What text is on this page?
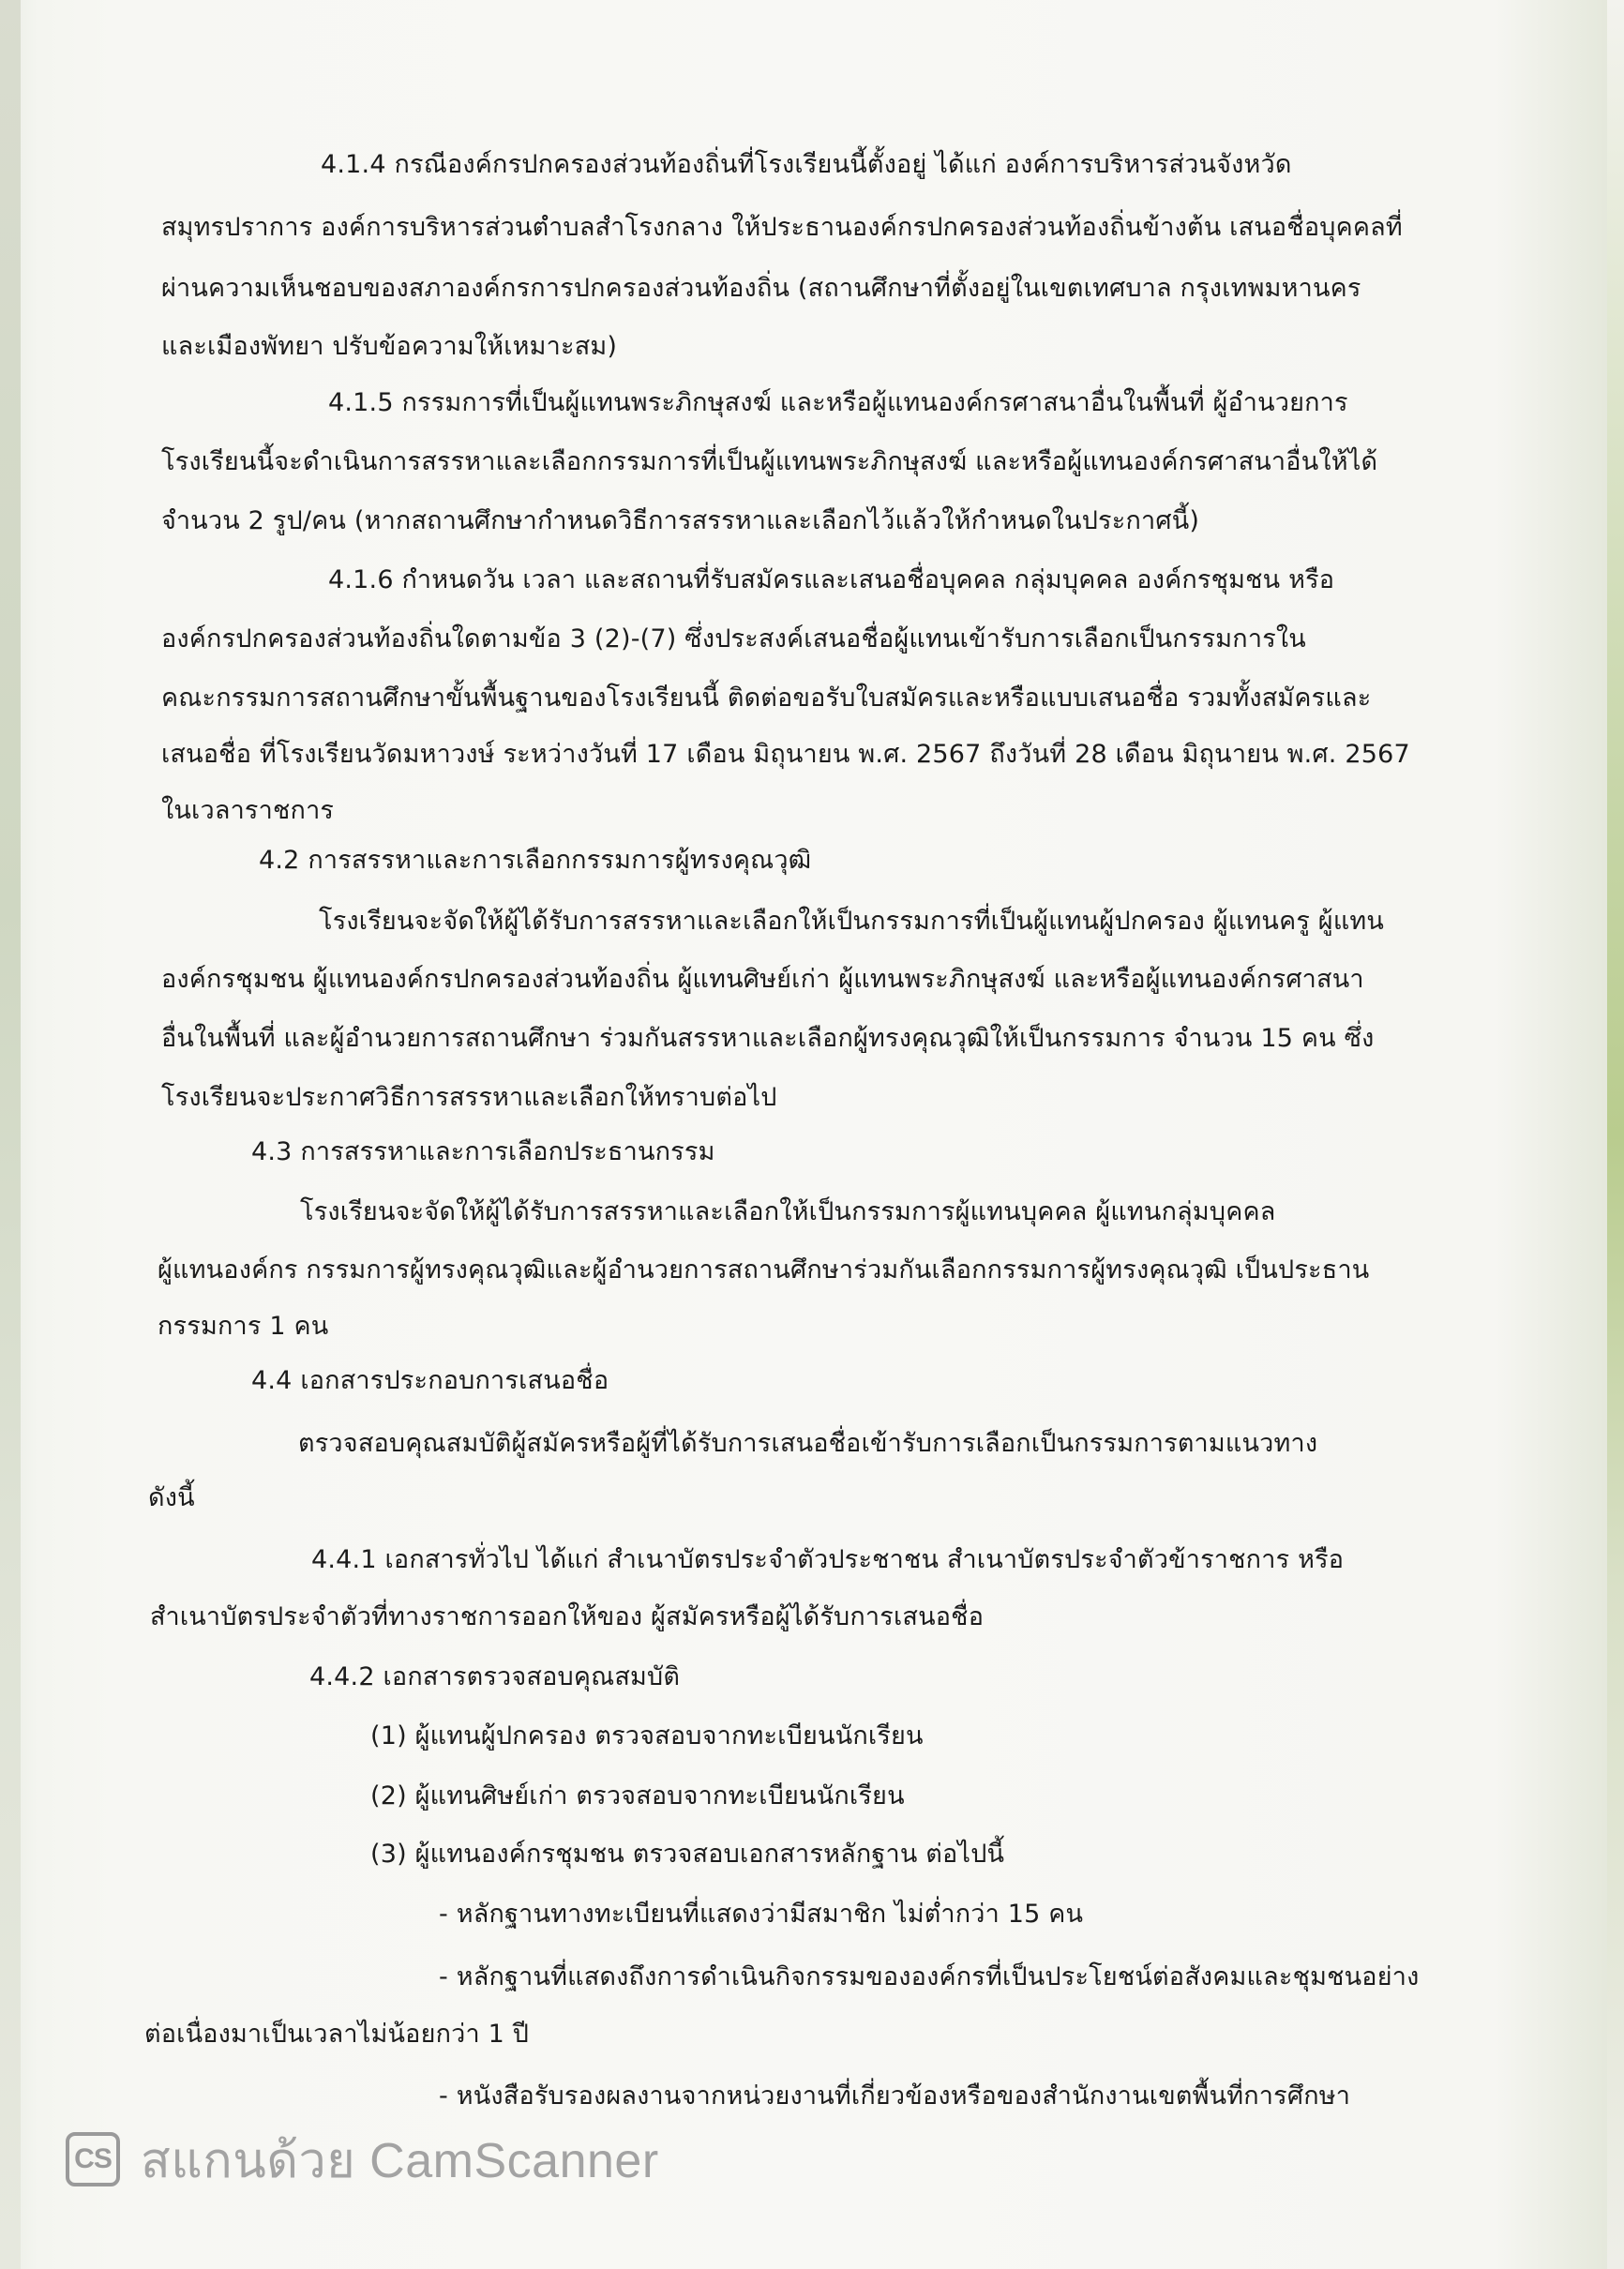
4.1.4 กรณีองค์กรปกครองส่วนท้องถิ่นที่โรงเรียนนี้ตั้งอยู่ ได้แก่ องค์การบริหารส่วนจังหวัด
สมุทรปราการ องค์การบริหารส่วนตำบลสำโรงกลาง ให้ประธานองค์กรปกครองส่วนท้องถิ่นข้างต้น เสนอชื่อบุคคลที่
ผ่านความเห็นชอบของสภาองค์กรการปกครองส่วนท้องถิ่น (สถานศึกษาที่ตั้งอยู่ในเขตเทศบาล กรุงเทพมหานคร
และเมืองพัทยา ปรับข้อความให้เหมาะสม)
4.1.5 กรรมการที่เป็นผู้แทนพระภิกษุสงฆ์ และหรือผู้แทนองค์กรศาสนาอื่นในพื้นที่ ผู้อำนวยการ
โรงเรียนนี้จะดำเนินการสรรหาและเลือกกรรมการที่เป็นผู้แทนพระภิกษุสงฆ์ และหรือผู้แทนองค์กรศาสนาอื่นให้ได้
จำนวน 2 รูป/คน (หากสถานศึกษากำหนดวิธีการสรรหาและเลือกไว้แล้วให้กำหนดในประกาศนี้)
4.1.6 กำหนดวัน เวลา และสถานที่รับสมัครและเสนอชื่อบุคคล กลุ่มบุคคล องค์กรชุมชน หรือ
องค์กรปกครองส่วนท้องถิ่นใดตามข้อ 3 (2)-(7) ซึ่งประสงค์เสนอชื่อผู้แทนเข้ารับการเลือกเป็นกรรมการใน
คณะกรรมการสถานศึกษาขั้นพื้นฐานของโรงเรียนนี้ ติดต่อขอรับใบสมัครและหรือแบบเสนอชื่อ รวมทั้งสมัครและ
เสนอชื่อ ที่โรงเรียนวัดมหาวงษ์ ระหว่างวันที่ 17 เดือน มิถุนายน พ.ศ. 2567 ถึงวันที่ 28 เดือน มิถุนายน พ.ศ. 2567
ในเวลาราชการ
4.2 การสรรหาและการเลือกกรรมการผู้ทรงคุณวุฒิ
โรงเรียนจะจัดให้ผู้ได้รับการสรรหาและเลือกให้เป็นกรรมการที่เป็นผู้แทนผู้ปกครอง ผู้แทนครู ผู้แทน
องค์กรชุมชน ผู้แทนองค์กรปกครองส่วนท้องถิ่น ผู้แทนศิษย์เก่า ผู้แทนพระภิกษุสงฆ์ และหรือผู้แทนองค์กรศาสนา
อื่นในพื้นที่ และผู้อำนวยการสถานศึกษา ร่วมกันสรรหาและเลือกผู้ทรงคุณวุฒิให้เป็นกรรมการ จำนวน 15 คน ซึ่ง
โรงเรียนจะประกาศวิธีการสรรหาและเลือกให้ทราบต่อไป
4.3 การสรรหาและการเลือกประธานกรรม
โรงเรียนจะจัดให้ผู้ได้รับการสรรหาและเลือกให้เป็นกรรมการผู้แทนบุคคล ผู้แทนกลุ่มบุคคล
ผู้แทนองค์กร กรรมการผู้ทรงคุณวุฒิและผู้อำนวยการสถานศึกษาร่วมกันเลือกกรรมการผู้ทรงคุณวุฒิ เป็นประธาน
กรรมการ 1 คน
4.4 เอกสารประกอบการเสนอชื่อ
ตรวจสอบคุณสมบัติผู้สมัครหรือผู้ที่ได้รับการเสนอชื่อเข้ารับการเลือกเป็นกรรมการตามแนวทาง
ดังนี้
4.4.1 เอกสารทั่วไป ได้แก่ สำเนาบัตรประจำตัวประชาชน สำเนาบัตรประจำตัวข้าราชการ หรือ
สำเนาบัตรประจำตัวที่ทางราชการออกให้ของ ผู้สมัครหรือผู้ได้รับการเสนอชื่อ
4.4.2 เอกสารตรวจสอบคุณสมบัติ
(1) ผู้แทนผู้ปกครอง ตรวจสอบจากทะเบียนนักเรียน
(2) ผู้แทนศิษย์เก่า ตรวจสอบจากทะเบียนนักเรียน
(3) ผู้แทนองค์กรชุมชน ตรวจสอบเอกสารหลักฐาน ต่อไปนี้
- หลักฐานทางทะเบียนที่แสดงว่ามีสมาชิก ไม่ต่ำกว่า 15 คน
- หลักฐานที่แสดงถึงการดำเนินกิจกรรมขององค์กรที่เป็นประโยชน์ต่อสังคมและชุมชนอย่าง
ต่อเนื่องมาเป็นเวลาไม่น้อยกว่า 1 ปี
- หนังสือรับรองผลงานจากหน่วยงานที่เกี่ยวข้องหรือของสำนักงานเขตพื้นที่การศึกษา
CS สแกนด้วย CamScanner
